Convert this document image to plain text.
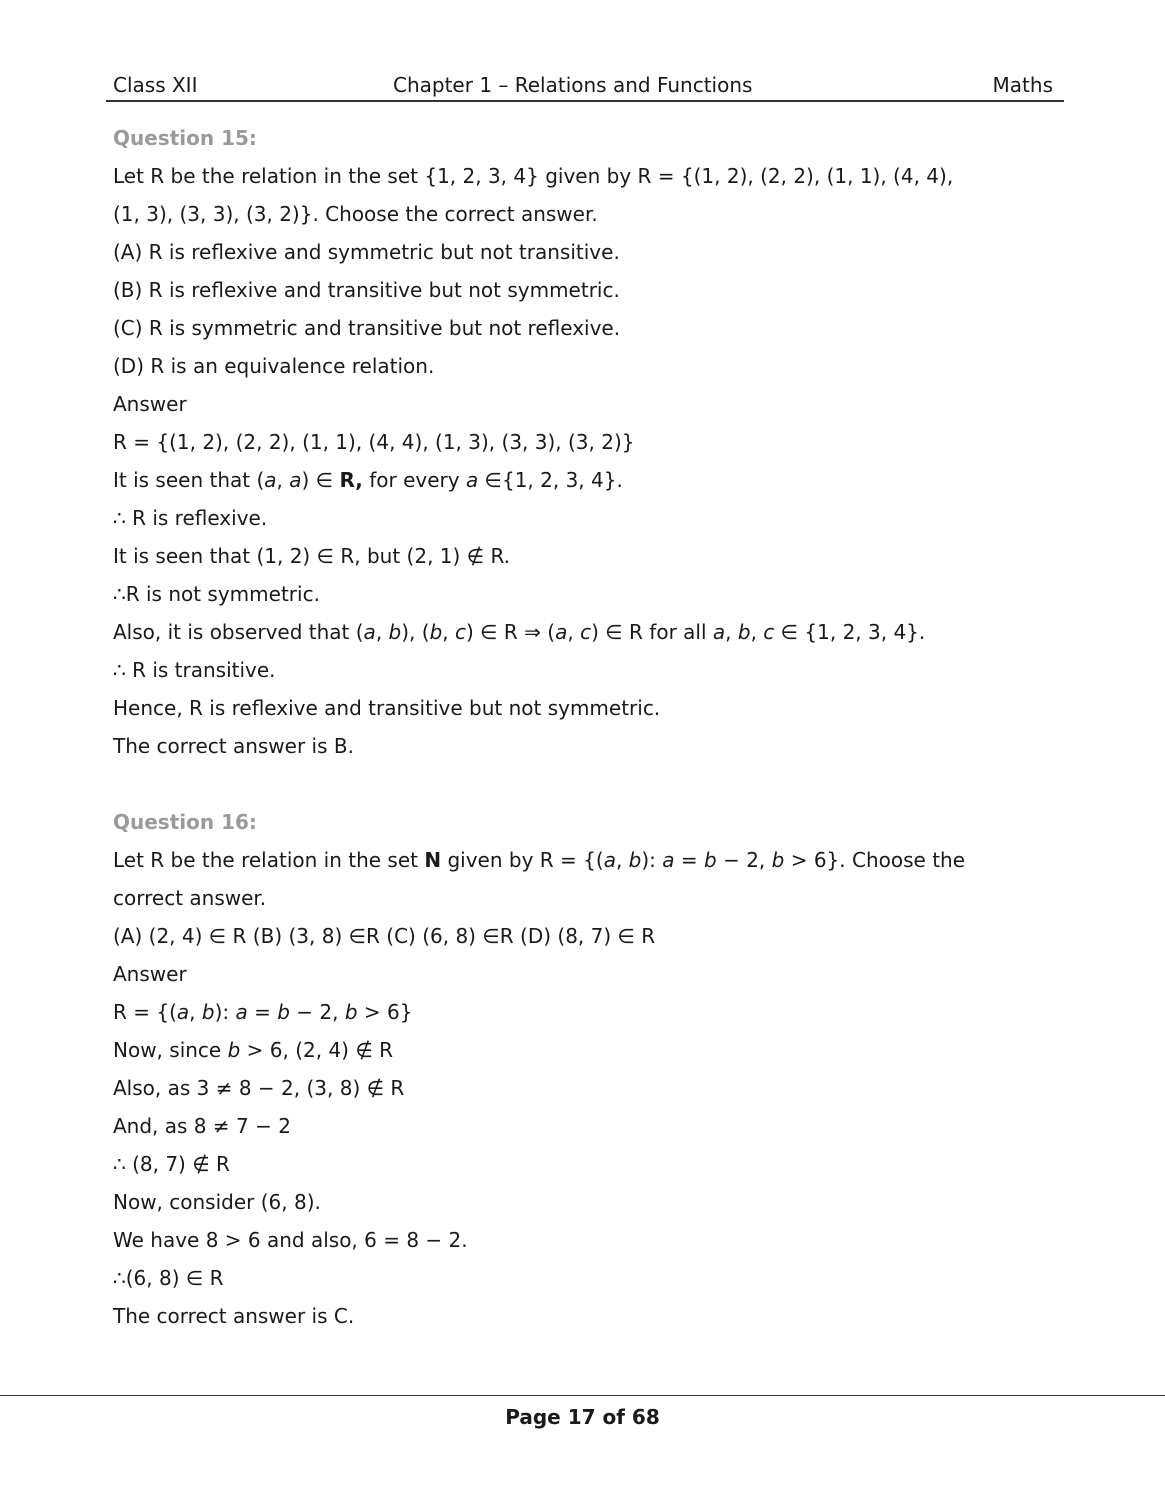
Class XII	Chapter 1 – Relations and Functions	Maths
Question 15:
Let R be the relation in the set {1, 2, 3, 4} given by R = {(1, 2), (2, 2), (1, 1), (4, 4),
(1, 3), (3, 3), (3, 2)}. Choose the correct answer.
(A) R is reflexive and symmetric but not transitive.
(B) R is reflexive and transitive but not symmetric.
(C) R is symmetric and transitive but not reflexive.
(D) R is an equivalence relation.
Answer
R = {(1, 2), (2, 2), (1, 1), (4, 4), (1, 3), (3, 3), (3, 2)}
It is seen that (a, a) ∈ R, for every a ∈{1, 2, 3, 4}.
∴ R is reflexive.
It is seen that (1, 2) ∈ R, but (2, 1) ∉ R.
∴R is not symmetric.
Also, it is observed that (a, b), (b, c) ∈ R ⇒ (a, c) ∈ R for all a, b, c ∈ {1, 2, 3, 4}.
∴ R is transitive.
Hence, R is reflexive and transitive but not symmetric.
The correct answer is B.
Question 16:
Let R be the relation in the set N given by R = {(a, b): a = b − 2, b > 6}. Choose the
correct answer.
(A) (2, 4) ∈ R (B) (3, 8) ∈R (C) (6, 8) ∈R (D) (8, 7) ∈ R
Answer
R = {(a, b): a = b − 2, b > 6}
Now, since b > 6, (2, 4) ∉ R
Also, as 3 ≠ 8 − 2, (3, 8) ∉ R
And, as 8 ≠ 7 − 2
∴ (8, 7) ∉ R
Now, consider (6, 8).
We have 8 > 6 and also, 6 = 8 − 2.
∴(6, 8) ∈ R
The correct answer is C.
Page 17 of 68
